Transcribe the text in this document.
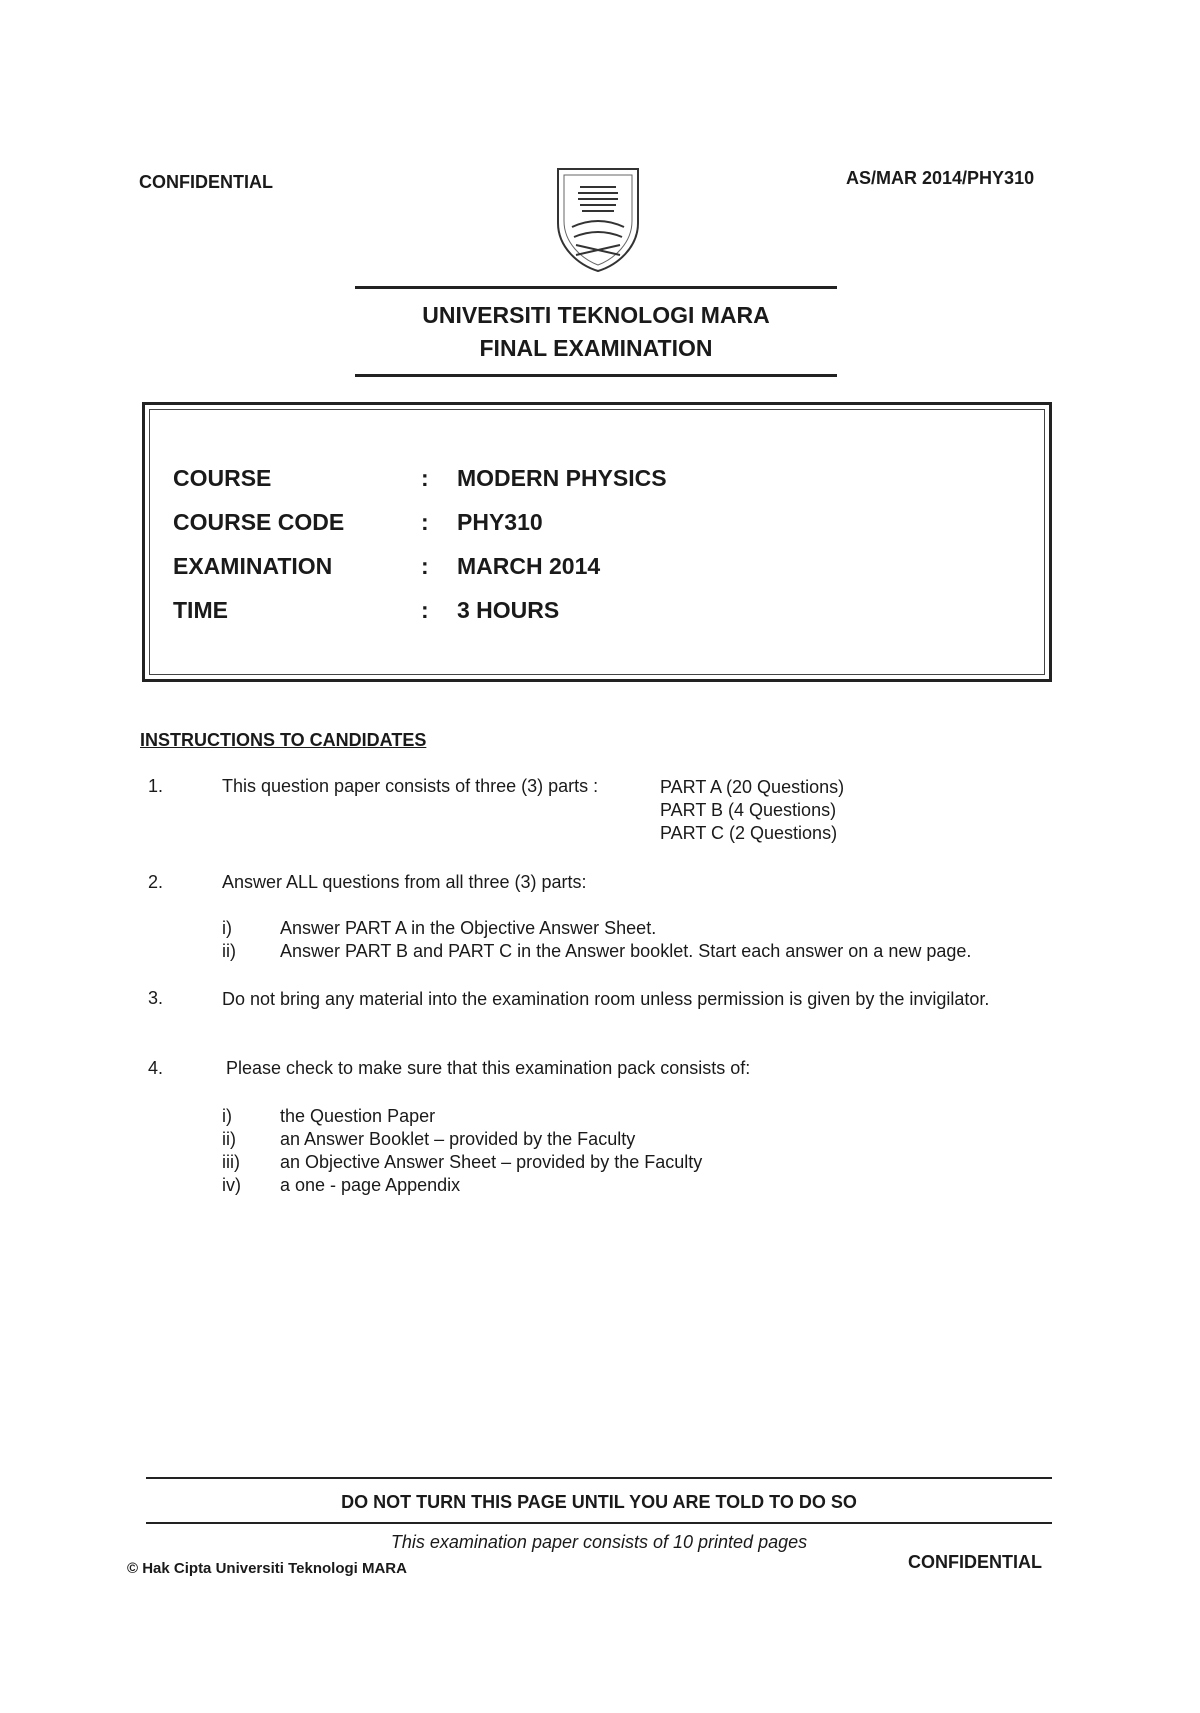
CONFIDENTIAL	AS/MAR 2014/PHY310
UNIVERSITI TEKNOLOGI MARA
FINAL EXAMINATION
COURSE	: MODERN PHYSICS
COURSE CODE	: PHY310
EXAMINATION	: MARCH 2014
TIME	: 3 HOURS
INSTRUCTIONS TO CANDIDATES
1.	This question paper consists of three (3) parts :	PART A (20 Questions)
PART B (4 Questions)
PART C (2 Questions)
2.	Answer ALL questions from all three (3) parts:
i)	Answer PART A in the Objective Answer Sheet.
ii) Answer PART B and PART C in the Answer booklet. Start each answer on a new page.
3.	Do not bring any material into the examination room unless permission is given by the invigilator.
4.	Please check to make sure that this examination pack consists of:
i)	the Question Paper
ii) an Answer Booklet – provided by the Faculty
iii) an Objective Answer Sheet – provided by the Faculty
iv) a one - page Appendix
DO NOT TURN THIS PAGE UNTIL YOU ARE TOLD TO DO SO
This examination paper consists of 10 printed pages
© Hak Cipta Universiti Teknologi MARA	CONFIDENTIAL
